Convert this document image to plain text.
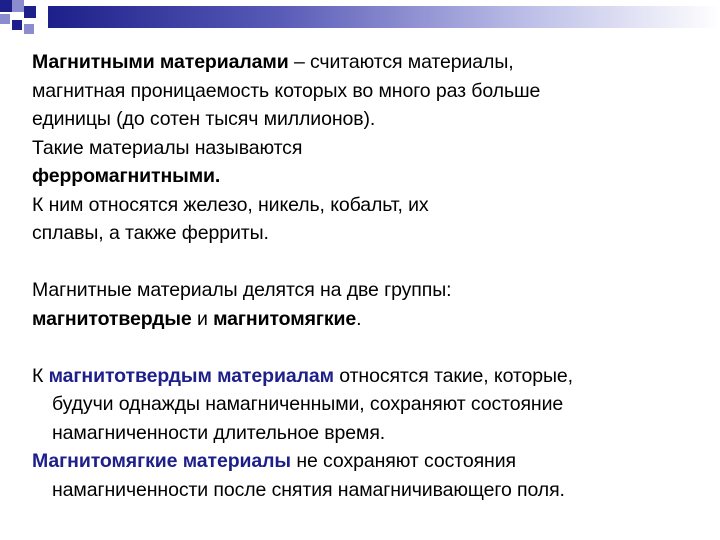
Магнитными материалами – считаются материалы,
магнитная проницаемость которых во много раз больше
единицы (до сотен тысяч миллионов).
Такие материалы называются
ферромагнитными.
К ним относятся железо, никель, кобальт, их
сплавы, а также ферриты.
Магнитные материалы делятся на две группы:
магнитотвердые и магнитомягкие.
К магнитотвердым материалам относятся такие, которые,
будучи однажды намагниченными, сохраняют состояние
намагниченности длительное время.
Магнитомягкие материалы не сохраняют состояния
намагниченности после снятия намагничивающего поля.
